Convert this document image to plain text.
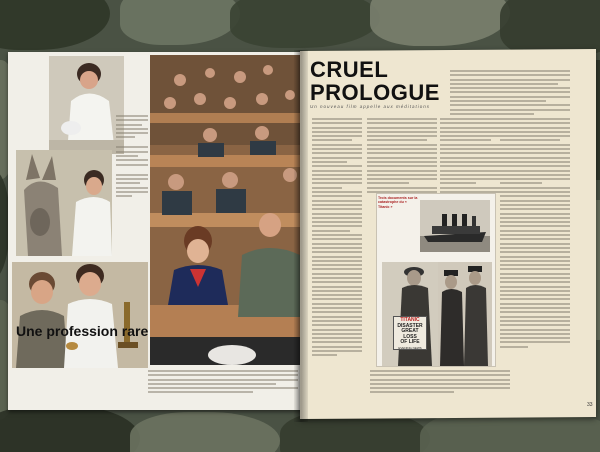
Une profession rare
CRUEL
PROLOGUE
Un nouveau film appelle aux méditations
Trois documents sur la catastrophe du « Titanic »
TITANIC
DISASTER
GREAT LOSS
OF LIFE
EVENING NEWS
33
